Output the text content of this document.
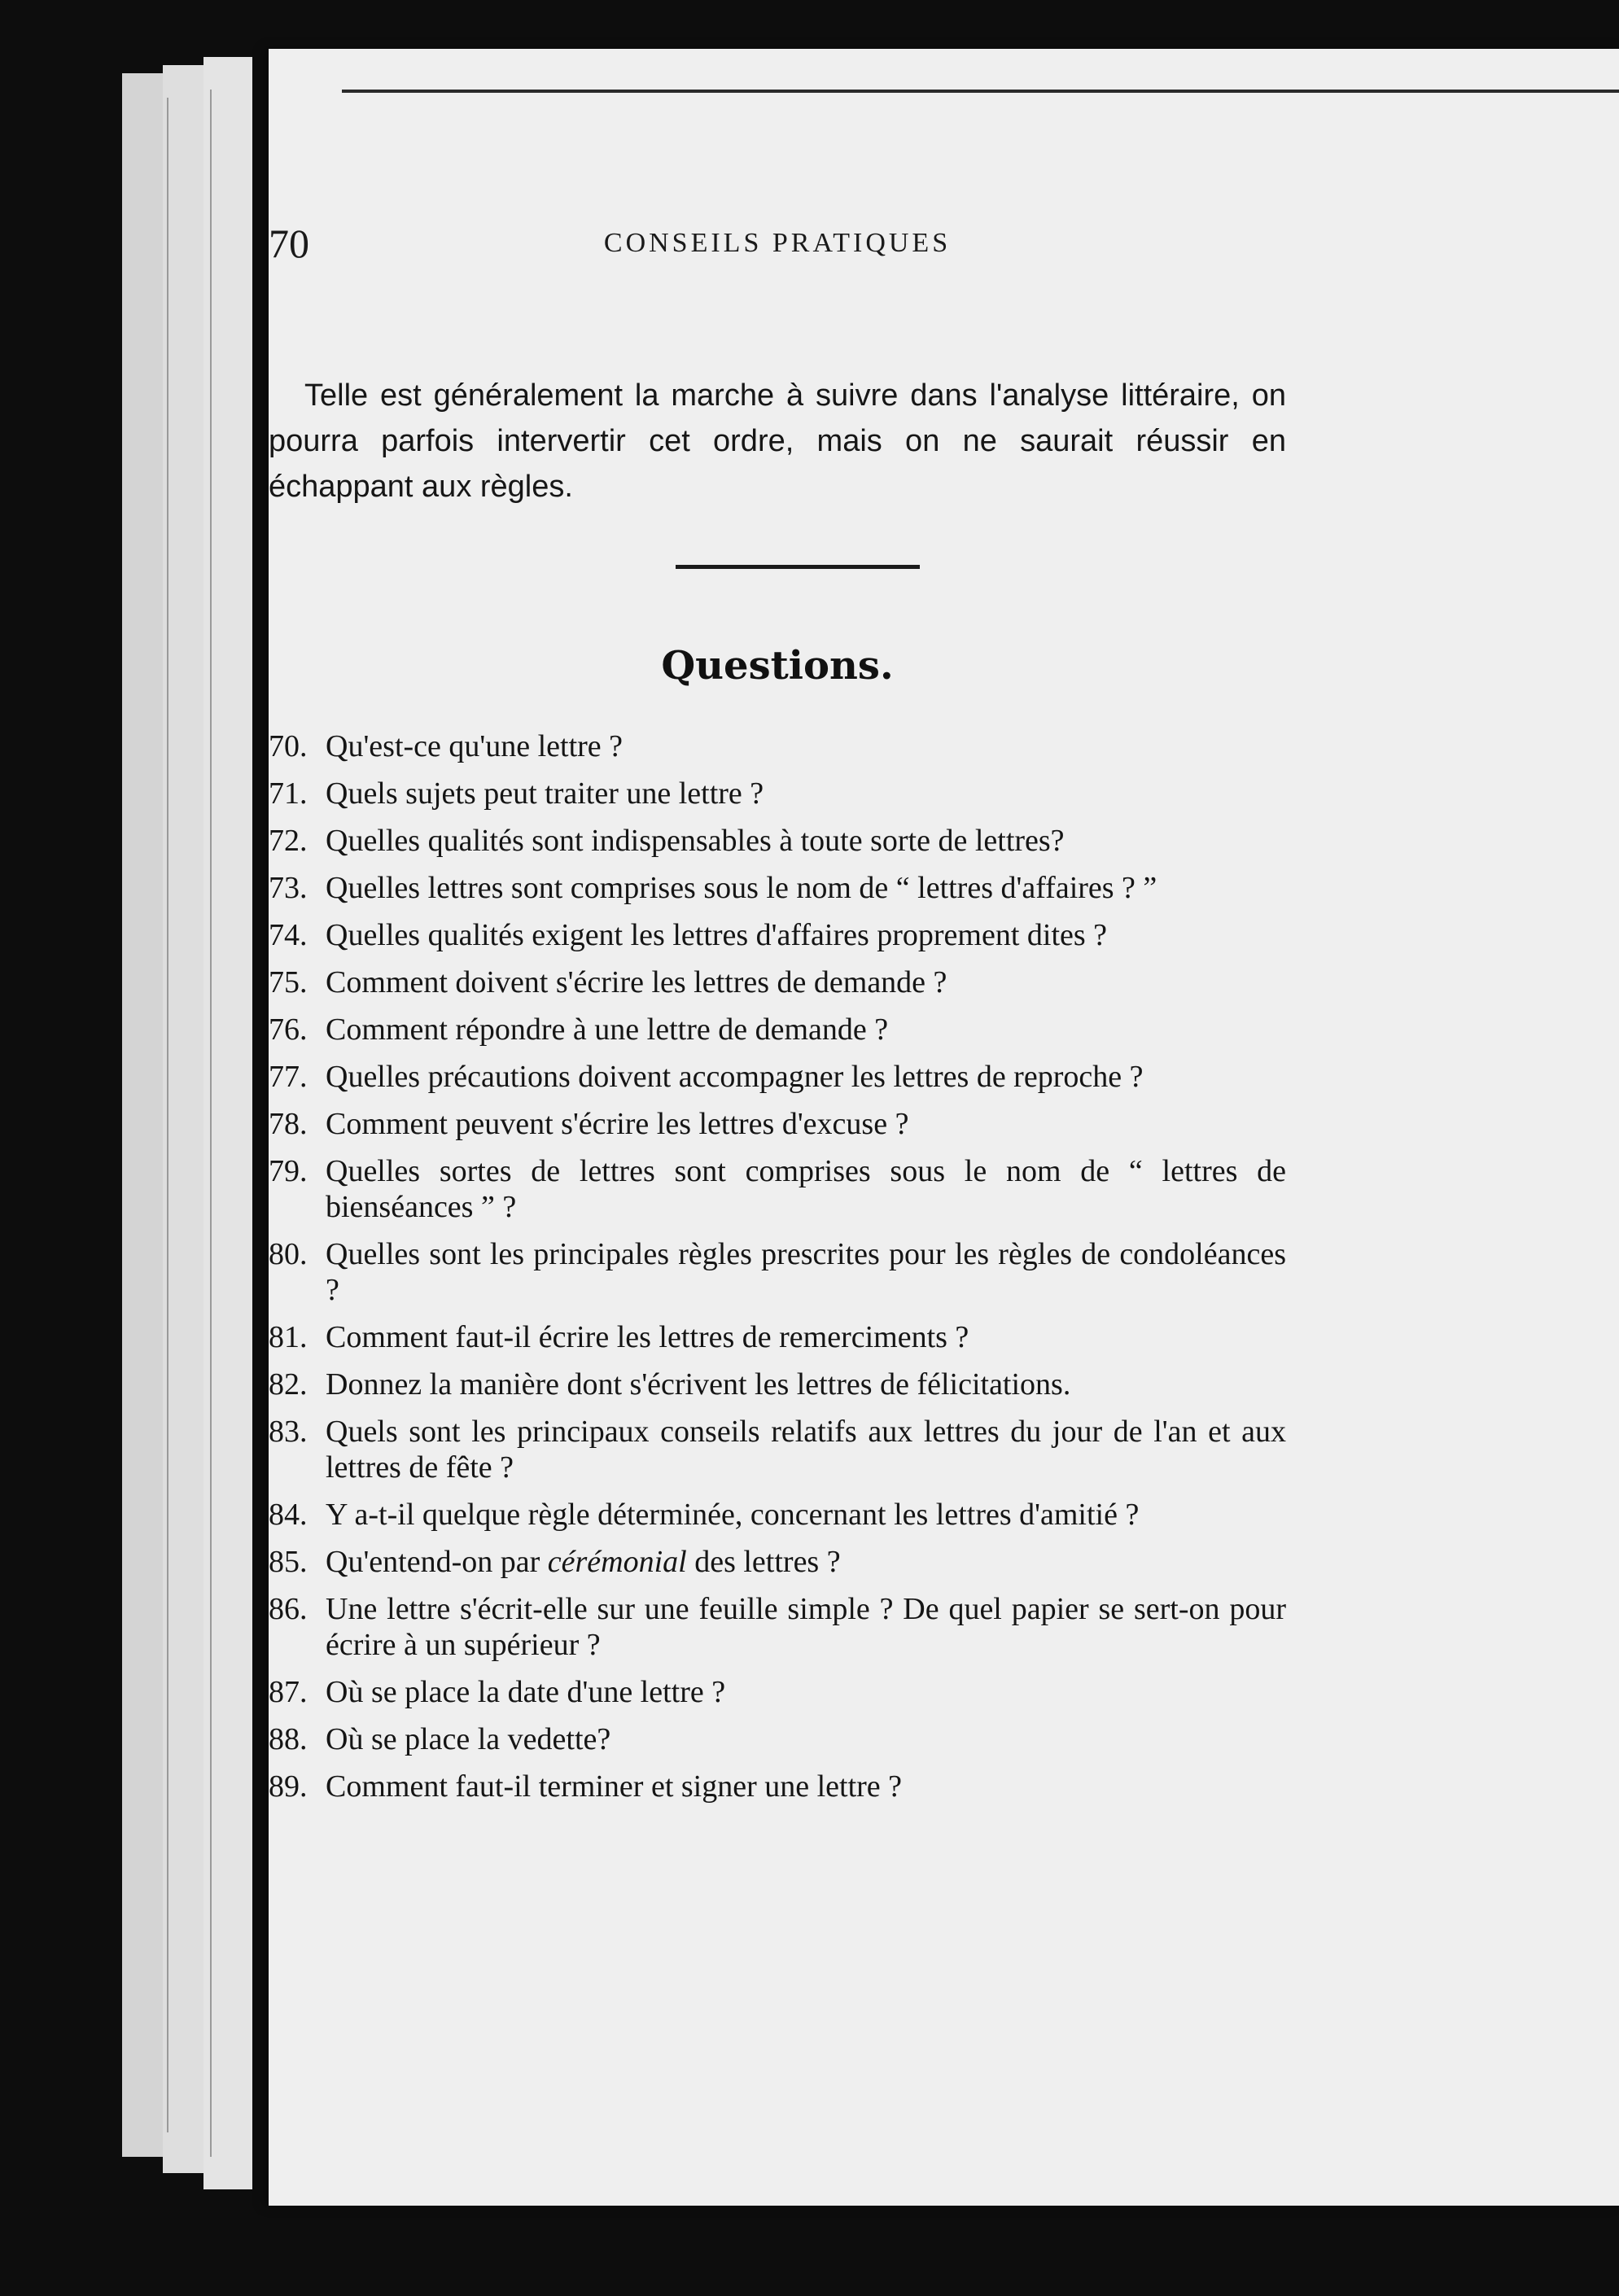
70	CONSEILS PRATIQUES

Telle est généralement la marche à suivre dans l'analyse littéraire, on pourra parfois intervertir cet ordre, mais on ne saurait réussir en échappant aux règles.

Questions.
70. Qu'est-ce qu'une lettre ?
71. Quels sujets peut traiter une lettre ?
72. Quelles qualités sont indispensables à toute sorte de lettres?
73. Quelles lettres sont comprises sous le nom de “ lettres d'affaires ? ”
74. Quelles qualités exigent les lettres d'affaires proprement dites ?
75. Comment doivent s'écrire les lettres de demande ?
76. Comment répondre à une lettre de demande ?
77. Quelles précautions doivent accompagner les lettres de reproche ?
78. Comment peuvent s'écrire les lettres d'excuse ?
79. Quelles sortes de lettres sont comprises sous le nom de “ lettres de bienséances ” ?
80. Quelles sont les principales règles prescrites pour les règles de condoléances ?
81. Comment faut-il écrire les lettres de remerciments ?
82. Donnez la manière dont s'écrivent les lettres de félicitations.
83. Quels sont les principaux conseils relatifs aux lettres du jour de l'an et aux lettres de fête ?
84. Y a-t-il quelque règle déterminée, concernant les lettres d'amitié ?
85. Qu'entend-on par cérémonial des lettres ?
86. Une lettre s'écrit-elle sur une feuille simple ? De quel papier se sert-on pour écrire à un supérieur ?
87. Où se place la date d'une lettre ?
88. Où se place la vedette?
89. Comment faut-il terminer et signer une lettre ?
